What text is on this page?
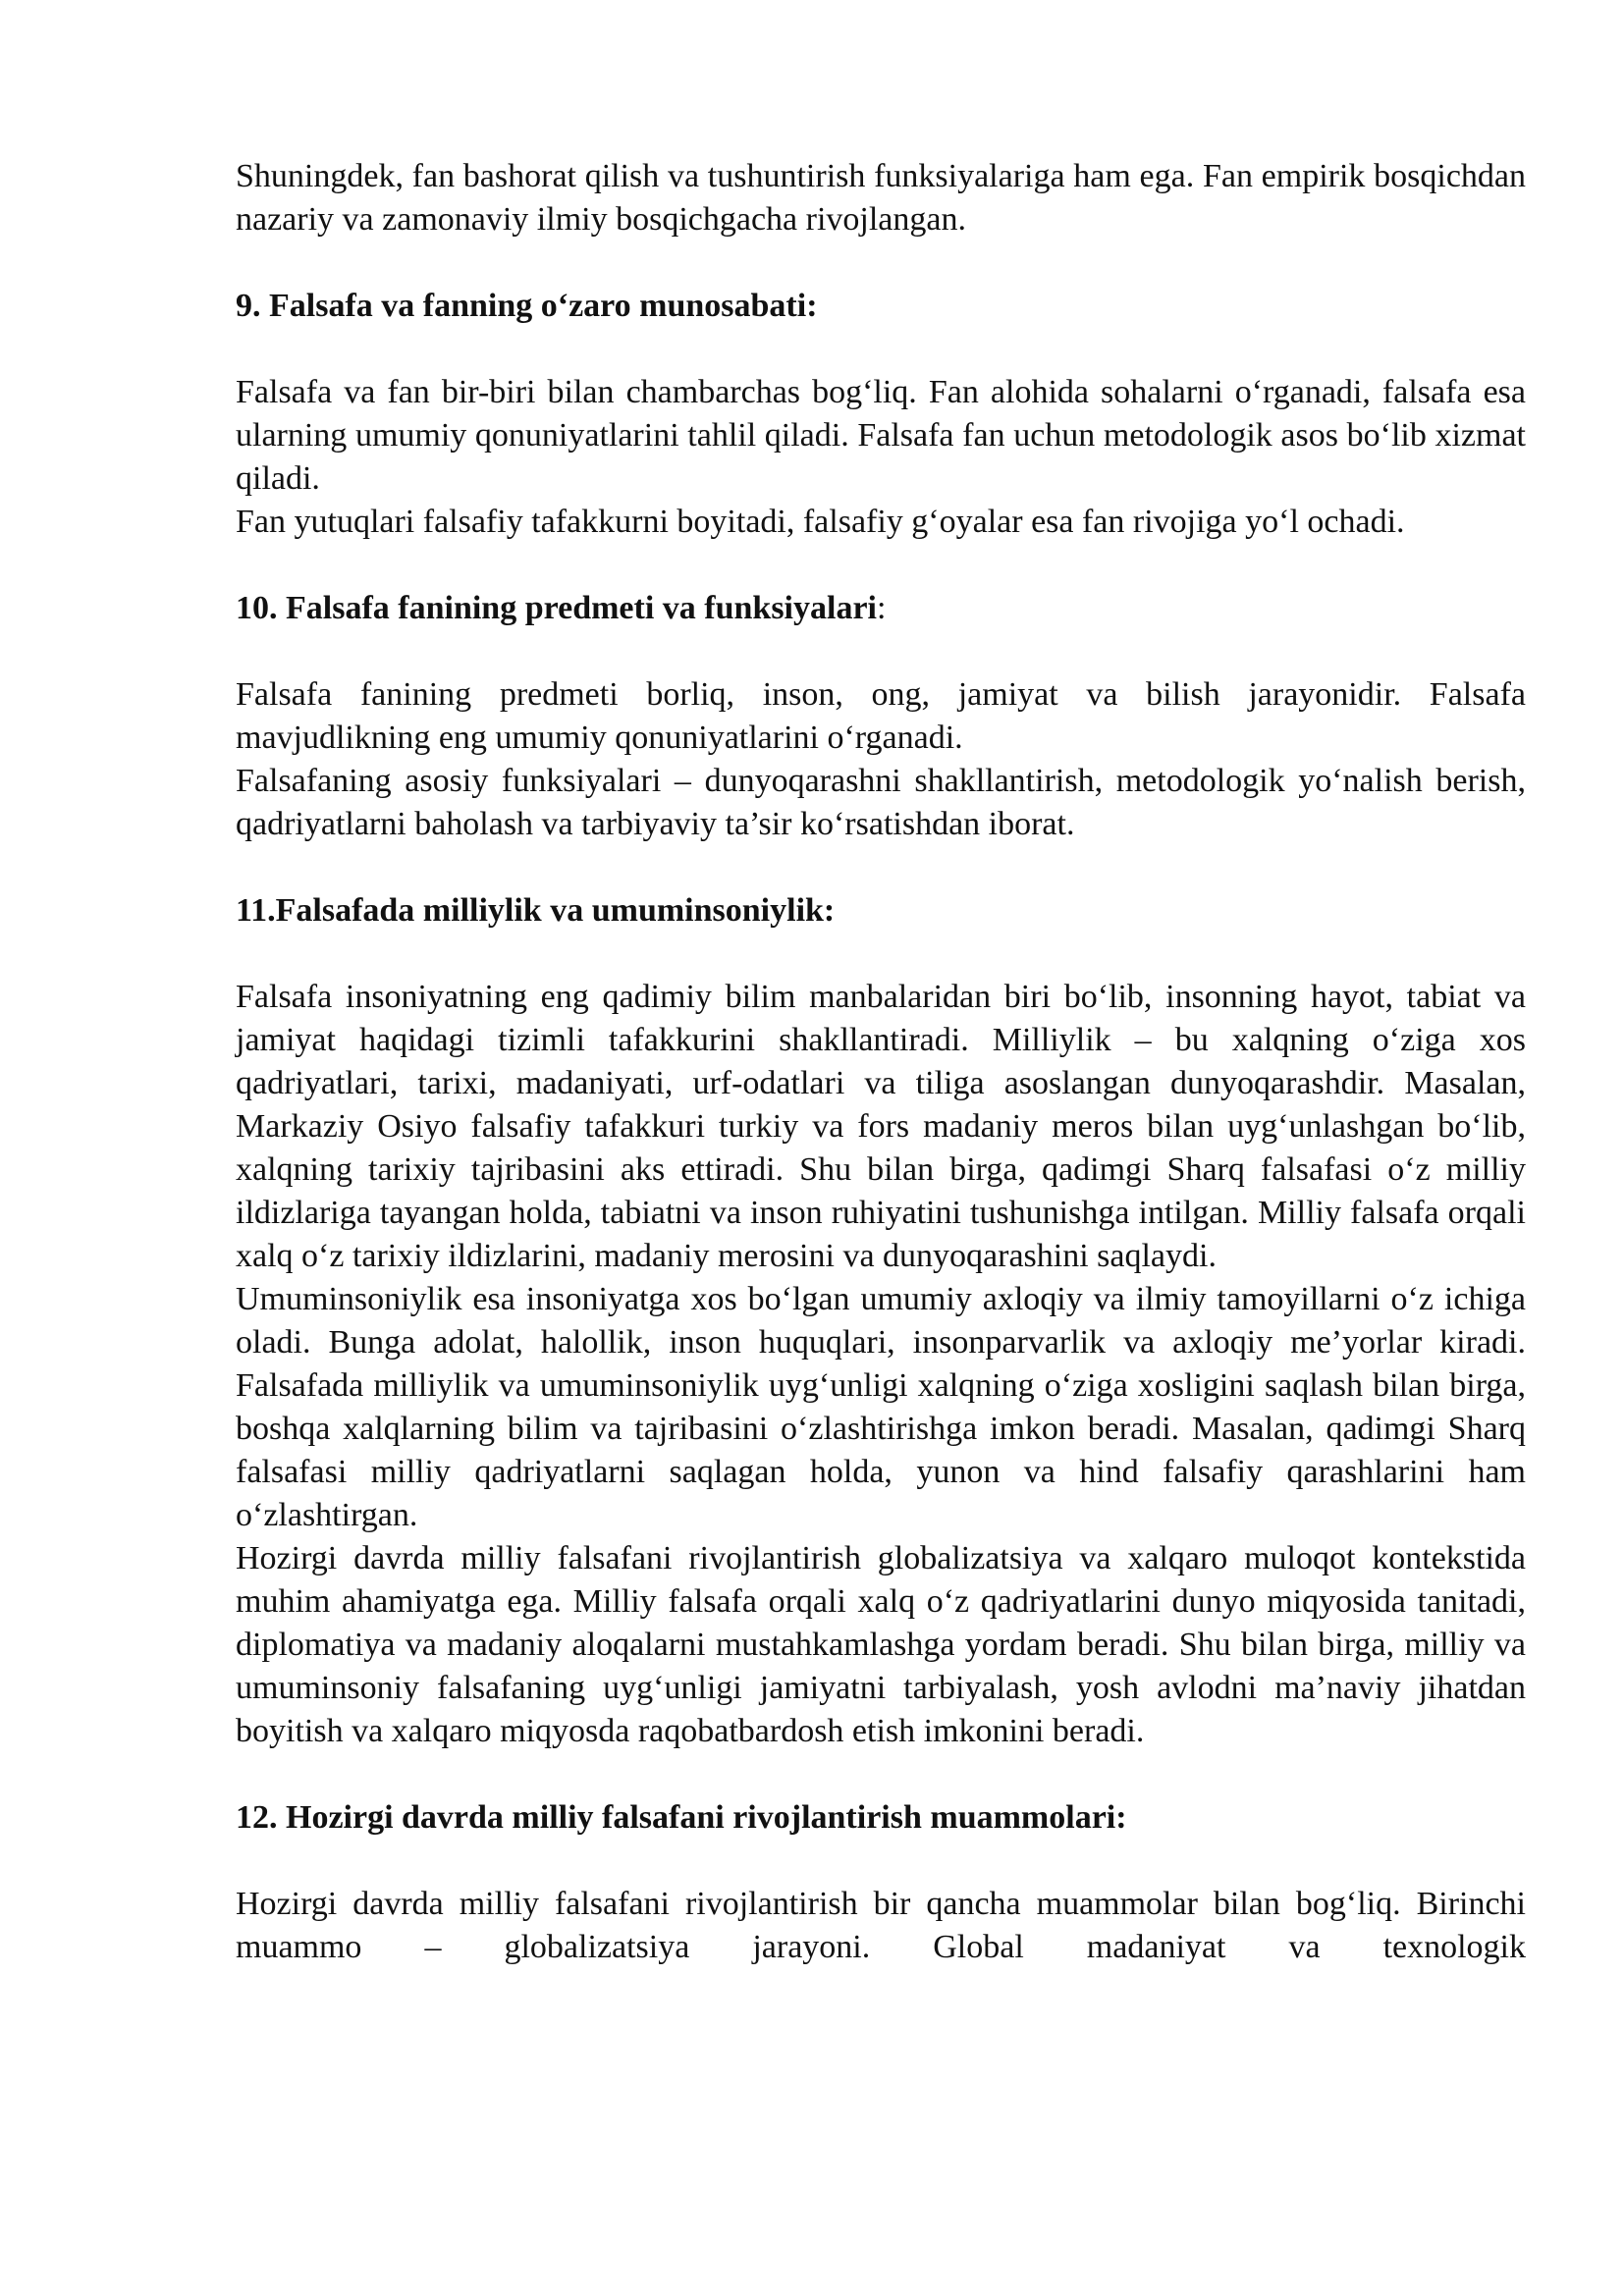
Shuningdek, fan bashorat qilish va tushuntirish funksiyalariga ham ega. Fan empirik bosqichdan nazariy va zamonaviy ilmiy bosqichgacha rivojlangan.

9. Falsafa va fanning o‘zaro munosabati:

Falsafa va fan bir-biri bilan chambarchas bog‘liq. Fan alohida sohalarni o‘rganadi, falsafa esa ularning umumiy qonuniyatlarini tahlil qiladi. Falsafa fan uchun metodologik asos bo‘lib xizmat qiladi.

Fan yutuqlari falsafiy tafakkurni boyitadi, falsafiy g‘oyalar esa fan rivojiga yo‘l ochadi.

10. Falsafa fanining predmeti va funksiyalari:

Falsafa fanining predmeti borliq, inson, ong, jamiyat va bilish jarayonidir. Falsafa mavjudlikning eng umumiy qonuniyatlarini o‘rganadi.

Falsafaning asosiy funksiyalari – dunyoqarashni shakllantirish, metodologik yo‘nalish berish, qadriyatlarni baholash va tarbiyaviy ta’sir ko‘rsatishdan iborat.

11.Falsafada milliylik va umuminsoniylik:

Falsafa insoniyatning eng qadimiy bilim manbalaridan biri bo‘lib, insonning hayot, tabiat va jamiyat haqidagi tizimli tafakkurini shakllantiradi. Milliylik – bu xalqning o‘ziga xos qadriyatlari, tarixi, madaniyati, urf-odatlari va tiliga asoslangan dunyoqarashdir. Masalan, Markaziy Osiyo falsafiy tafakkuri turkiy va fors madaniy meros bilan uyg‘unlashgan bo‘lib, xalqning tarixiy tajribasini aks ettiradi. Shu bilan birga, qadimgi Sharq falsafasi o‘z milliy ildizlariga tayangan holda, tabiatni va inson ruhiyatini tushunishga intilgan. Milliy falsafa orqali xalq o‘z tarixiy ildizlarini, madaniy merosini va dunyoqarashini saqlaydi.

Umuminsoniylik esa insoniyatga xos bo‘lgan umumiy axloqiy va ilmiy tamoyillarni o‘z ichiga oladi. Bunga adolat, halollik, inson huquqlari, insonparvarlik va axloqiy me’yorlar kiradi. Falsafada milliylik va umuminsoniylik uyg‘unligi xalqning o‘ziga xosligini saqlash bilan birga, boshqa xalqlarning bilim va tajribasini o‘zlashtirishga imkon beradi. Masalan, qadimgi Sharq falsafasi milliy qadriyatlarni saqlagan holda, yunon va hind falsafiy qarashlarini ham o‘zlashtirgan.

Hozirgi davrda milliy falsafani rivojlantirish globalizatsiya va xalqaro muloqot kontekstida muhim ahamiyatga ega. Milliy falsafa orqali xalq o‘z qadriyatlarini dunyo miqyosida tanitadi, diplomatiya va madaniy aloqalarni mustahkamlashga yordam beradi. Shu bilan birga, milliy va umuminsoniy falsafaning uyg‘unligi jamiyatni tarbiyalash, yosh avlodni ma’naviy jihatdan boyitish va xalqaro miqyosda raqobatbardosh etish imkonini beradi.

12. Hozirgi davrda milliy falsafani rivojlantirish muammolari:

Hozirgi davrda milliy falsafani rivojlantirish bir qancha muammolar bilan bog‘liq. Birinchi muammo – globalizatsiya jarayoni. Global madaniyat va texnologik
